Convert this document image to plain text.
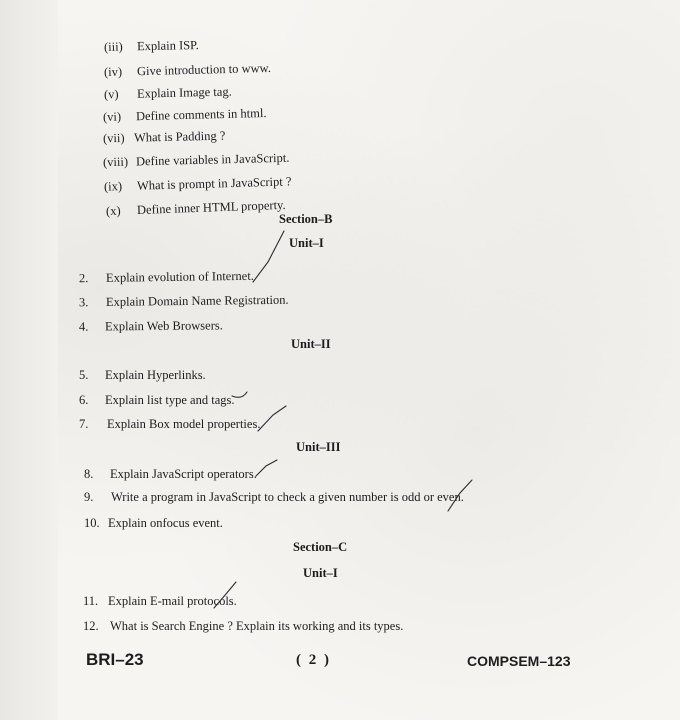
(iii) Explain ISP.
(iv) Give introduction to www.
(v) Explain Image tag.
(vi) Define comments in html.
(vii) What is Padding ?
(viii) Define variables in JavaScript.
(ix) What is prompt in JavaScript ?
(x) Define inner HTML property.
Section–B
Unit–I
2. Explain evolution of Internet.
3. Explain Domain Name Registration.
4. Explain Web Browsers.
Unit–II
5. Explain Hyperlinks.
6. Explain list type and tags.
7. Explain Box model properties.
Unit–III
8. Explain JavaScript operators.
9. Write a program in JavaScript to check a given number is odd or even.
10. Explain onfocus event.
Section–C
Unit–I
11. Explain E-mail protocols.
12. What is Search Engine ? Explain its working and its types.
BRI–23	( 2 )	COMPSEM–123
